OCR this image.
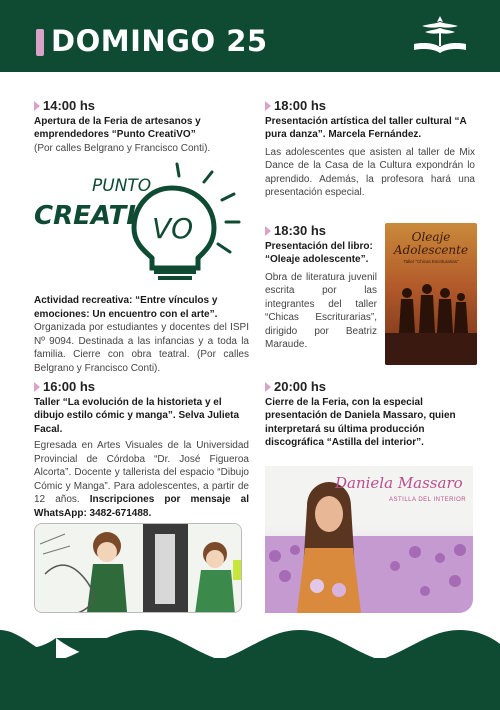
DOMINGO 25
14:00 hs
Apertura de la Feria de artesanos y emprendedores “Punto CreatiVO”
(Por calles Belgrano y Francisco Conti).
PUNTO
CREATI VO
Actividad recreativa: “Entre vínculos y emociones: Un encuentro con el arte”.
Organizada por estudiantes y docentes del ISPI Nº 9094. Destinada a las infancias y a toda la familia. Cierre con obra teatral. (Por calles Belgrano y Francisco Conti).
16:00 hs
Taller “La evolución de la historieta y el dibujo estilo cómic y manga”. Selva Julieta Facal.
Egresada en Artes Visuales de la Universidad Provincial de Córdoba “Dr. José Figueroa Alcorta”. Docente y tallerista del espacio “Dibujo Cómic y Manga”. Para adolescentes, a partir de 12 años. Inscripciones por mensaje al WhatsApp: 3482-671488.
18:00 hs
Presentación artística del taller cultural “A pura danza”. Marcela Fernández.
Las adolescentes que asisten al taller de Mix Dance de la Casa de la Cultura expondrán lo aprendido. Además, la profesora hará una presentación especial.
18:30 hs
Presentación del libro: “Oleaje adolescente”.
Obra de literatura juvenil escrita por las integrantes del taller “Chicas Escriturarias”, dirigido por Beatriz Maraude.
Oleaje Adolescente
Taller “Chicas Escriturarias”
20:00 hs
Cierre de la Feria, con la especial presentación de Daniela Massaro, quien interpretará su última producción discográfica “Astilla del interior”.
Daniela Massaro
ASTILLA DEL INTERIOR
